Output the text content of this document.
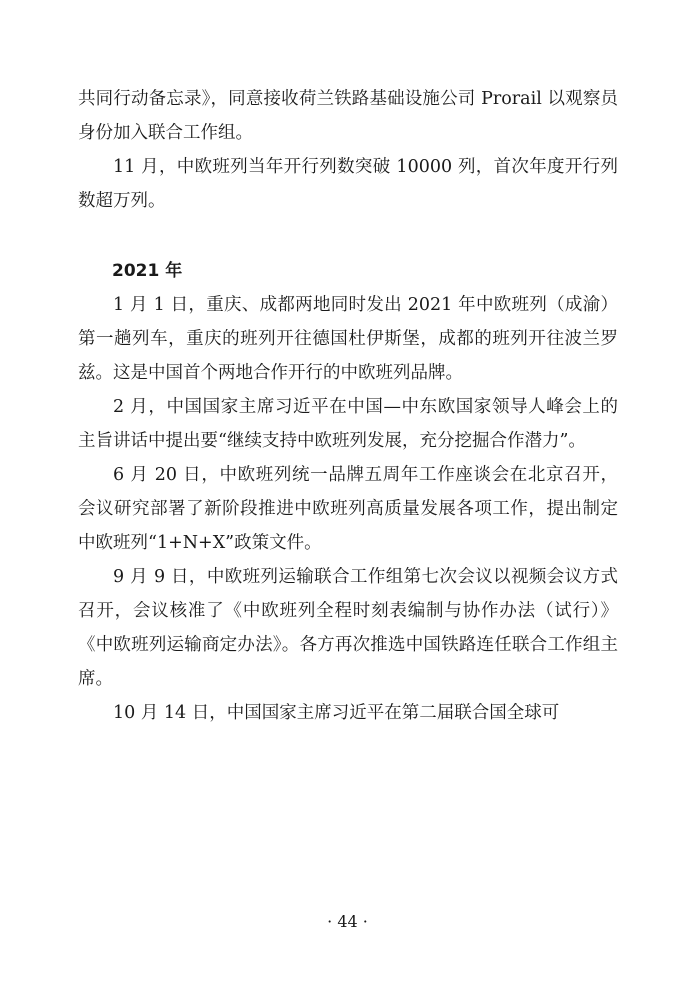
共同行动备忘录》，同意接收荷兰铁路基础设施公司 Prorail 以观察员身份加入联合工作组。

11 月，中欧班列当年开行列数突破 10000 列，首次年度开行列数超万列。

2021 年

1 月 1 日，重庆、成都两地同时发出 2021 年中欧班列（成渝）第一趟列车，重庆的班列开往德国杜伊斯堡，成都的班列开往波兰罗兹。这是中国首个两地合作开行的中欧班列品牌。

2 月，中国国家主席习近平在中国—中东欧国家领导人峰会上的主旨讲话中提出要“继续支持中欧班列发展，充分挖掘合作潜力”。

6 月 20 日，中欧班列统一品牌五周年工作座谈会在北京召开，会议研究部署了新阶段推进中欧班列高质量发展各项工作，提出制定中欧班列“1+N+X”政策文件。

9 月 9 日，中欧班列运输联合工作组第七次会议以视频会议方式召开，会议核准了《中欧班列全程时刻表编制与协作办法（试行）》《中欧班列运输商定办法》。各方再次推选中国铁路连任联合工作组主席。

10 月 14 日，中国国家主席习近平在第二届联合国全球可

· 44 ·
